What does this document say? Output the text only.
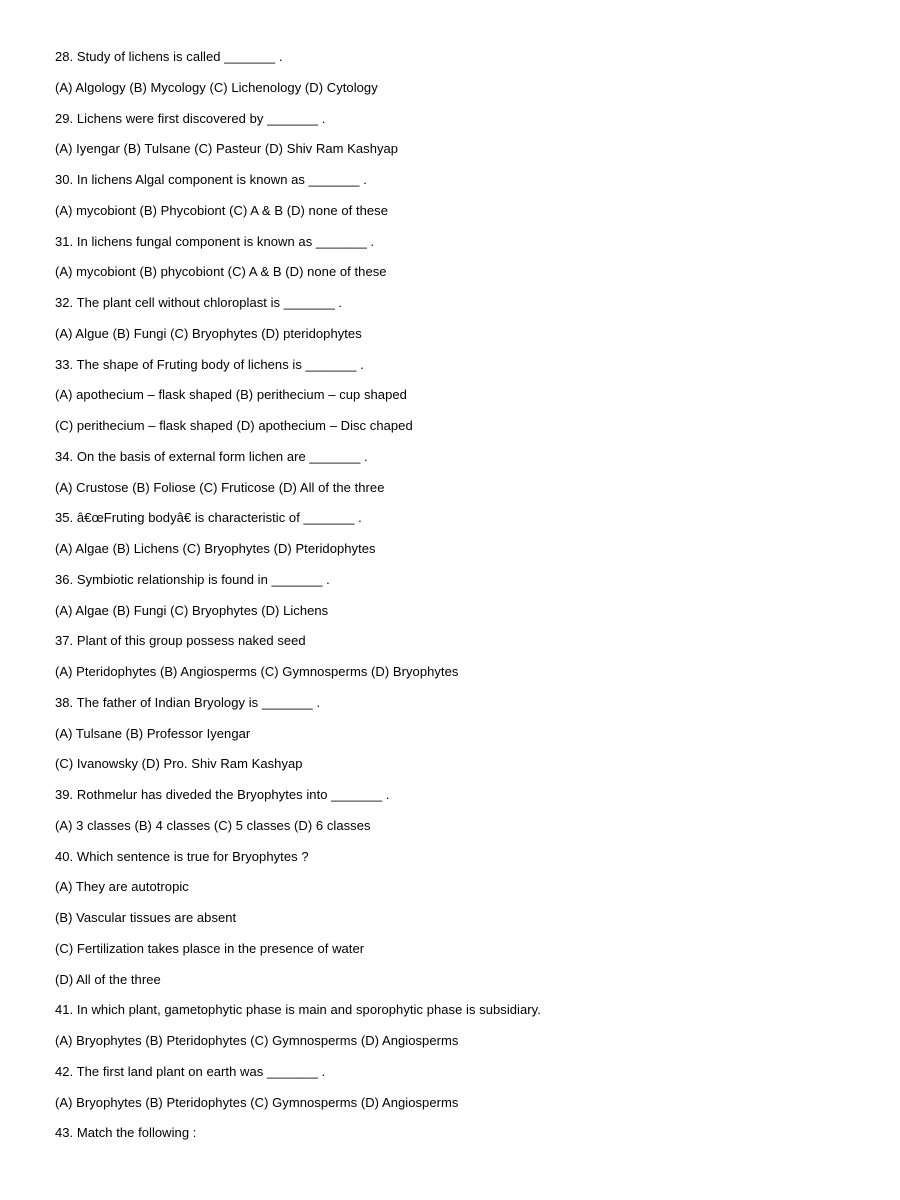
28. Study of lichens is called _______ .
(A) Algology (B) Mycology (C) Lichenology (D) Cytology
29. Lichens were first discovered by _______ .
(A) Iyengar (B) Tulsane (C) Pasteur (D) Shiv Ram Kashyap
30. In lichens Algal component is known as _______ .
(A) mycobiont (B) Phycobiont (C) A & B (D) none of these
31. In lichens fungal component is known as _______ .
(A) mycobiont (B) phycobiont (C) A & B (D) none of these
32. The plant cell without chloroplast is _______ .
(A) Algue (B) Fungi (C) Bryophytes (D) pteridophytes
33. The shape of Fruting body of lichens is _______ .
(A) apothecium – flask shaped (B) perithecium – cup shaped
(C) perithecium – flask shaped (D) apothecium – Disc chaped
34. On the basis of external form lichen are _______ .
(A) Crustose (B) Foliose (C) Fruticose (D) All of the three
35. â€œFruting bodyâ€ is characteristic of _______ .
(A) Algae (B) Lichens (C) Bryophytes (D) Pteridophytes
36. Symbiotic relationship is found in _______ .
(A) Algae (B) Fungi (C) Bryophytes (D) Lichens
37. Plant of this group possess naked seed
(A) Pteridophytes (B) Angiosperms (C) Gymnosperms (D) Bryophytes
38. The father of Indian Bryology is _______ .
(A) Tulsane (B) Professor Iyengar
(C) Ivanowsky (D) Pro. Shiv Ram Kashyap
39. Rothmelur has diveded the Bryophytes into _______ .
(A) 3 classes (B) 4 classes (C) 5 classes (D) 6 classes
40. Which sentence is true for Bryophytes ?
(A) They are autotropic
(B) Vascular tissues are absent
(C) Fertilization takes plasce in the presence of water
(D) All of the three
41. In which plant, gametophytic phase is main and sporophytic phase is subsidiary.
(A) Bryophytes (B) Pteridophytes (C) Gymnosperms (D) Angiosperms
42. The first land plant on earth was _______ .
(A) Bryophytes (B) Pteridophytes (C) Gymnosperms (D) Angiosperms
43. Match the following :
